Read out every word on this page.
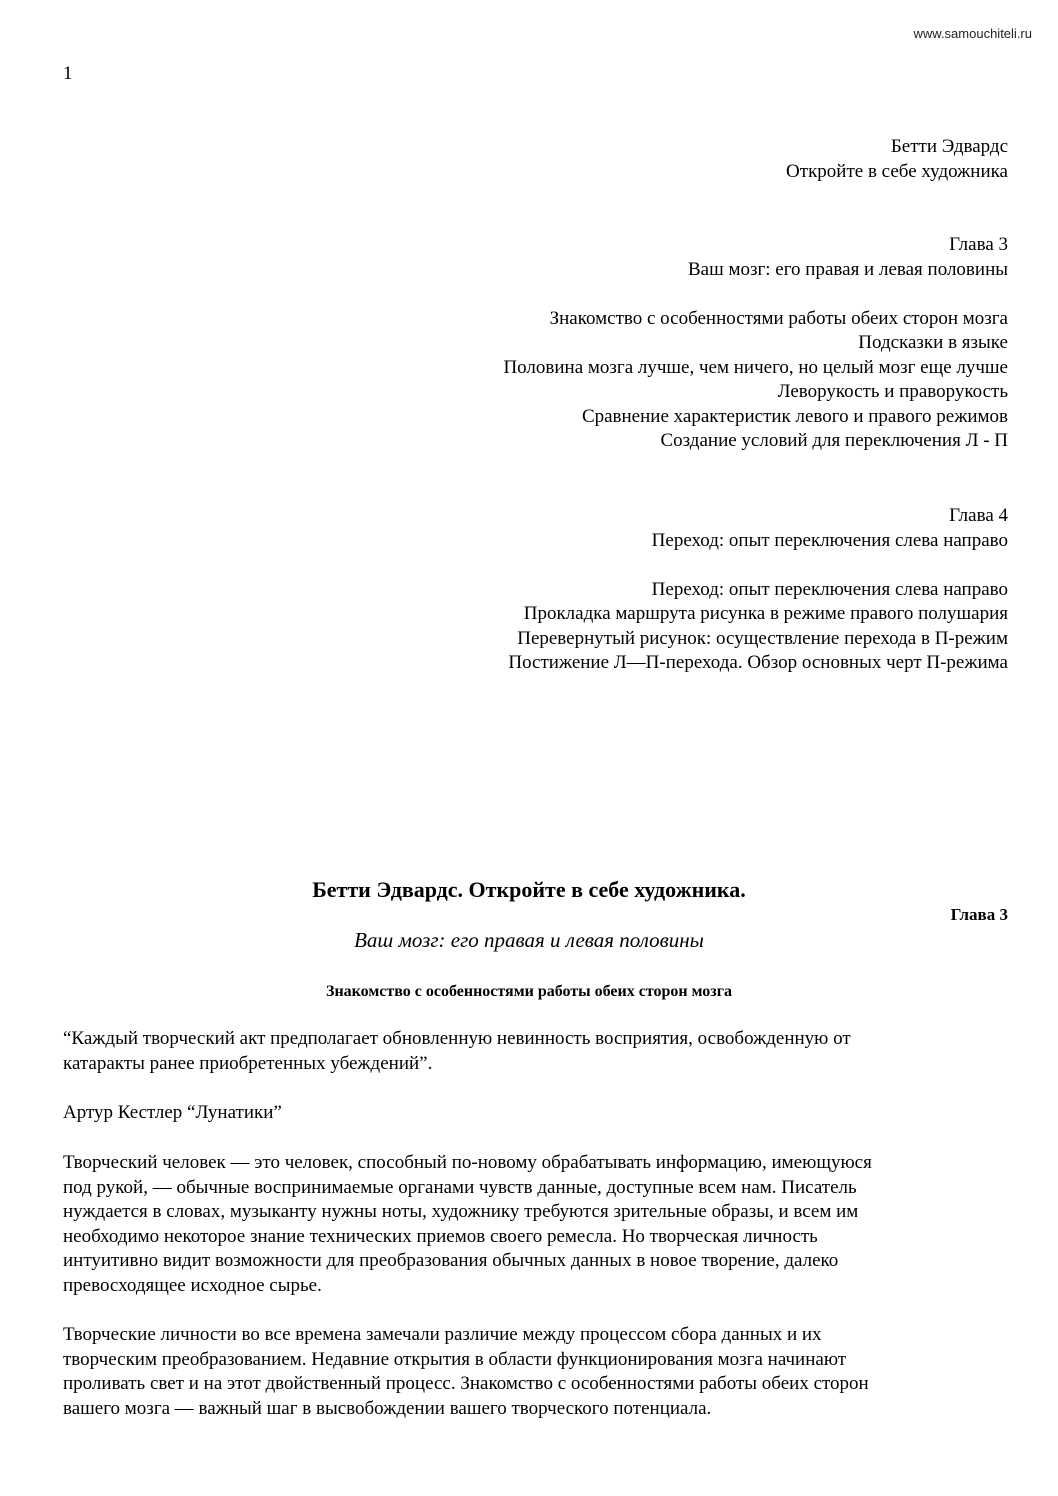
www.samouchiteli.ru
1
Бетти Эдвардс
Откройте в себе художника
Глава 3
Ваш мозг: его правая и левая половины
Знакомство с особенностями работы обеих сторон мозга
Подсказки в языке
Половина мозга лучше, чем ничего, но целый мозг еще лучше
Леворукость и праворукость
Сравнение характеристик левого и правого режимов
Создание условий для переключения Л - П
Глава 4
Переход: опыт переключения слева направо
Переход: опыт переключения слева направо
Прокладка маршрута рисунка в режиме правого полушария
Перевернутый рисунок: осуществление перехода в П-режим
Постижение Л—П-перехода. Обзор основных черт П-режима
Бетти Эдвардс. Откройте в себе художника.
Глава 3
Ваш мозг: его правая и левая половины
Знакомство с особенностями работы обеих сторон мозга
“Каждый творческий акт предполагает обновленную невинность восприятия, освобожденную от
катаракты ранее приобретенных убеждений”.
Артур Кестлер “Лунатики”
Творческий человек — это человек, способный по-новому обрабатывать информацию, имеющуюся
под рукой, — обычные воспринимаемые органами чувств данные, доступные всем нам. Писатель
нуждается в словах, музыканту нужны ноты, художнику требуются зрительные образы, и всем им
необходимо некоторое знание технических приемов своего ремесла. Но творческая личность
интуитивно видит возможности для преобразования обычных данных в новое творение, далеко
превосходящее исходное сырье.
Творческие личности во все времена замечали различие между процессом сбора данных и их
творческим преобразованием. Недавние открытия в области функционирования мозга начинают
проливать свет и на этот двойственный процесс. Знакомство с особенностями работы обеих сторон
вашего мозга — важный шаг в высвобождении вашего творческого потенциала.
